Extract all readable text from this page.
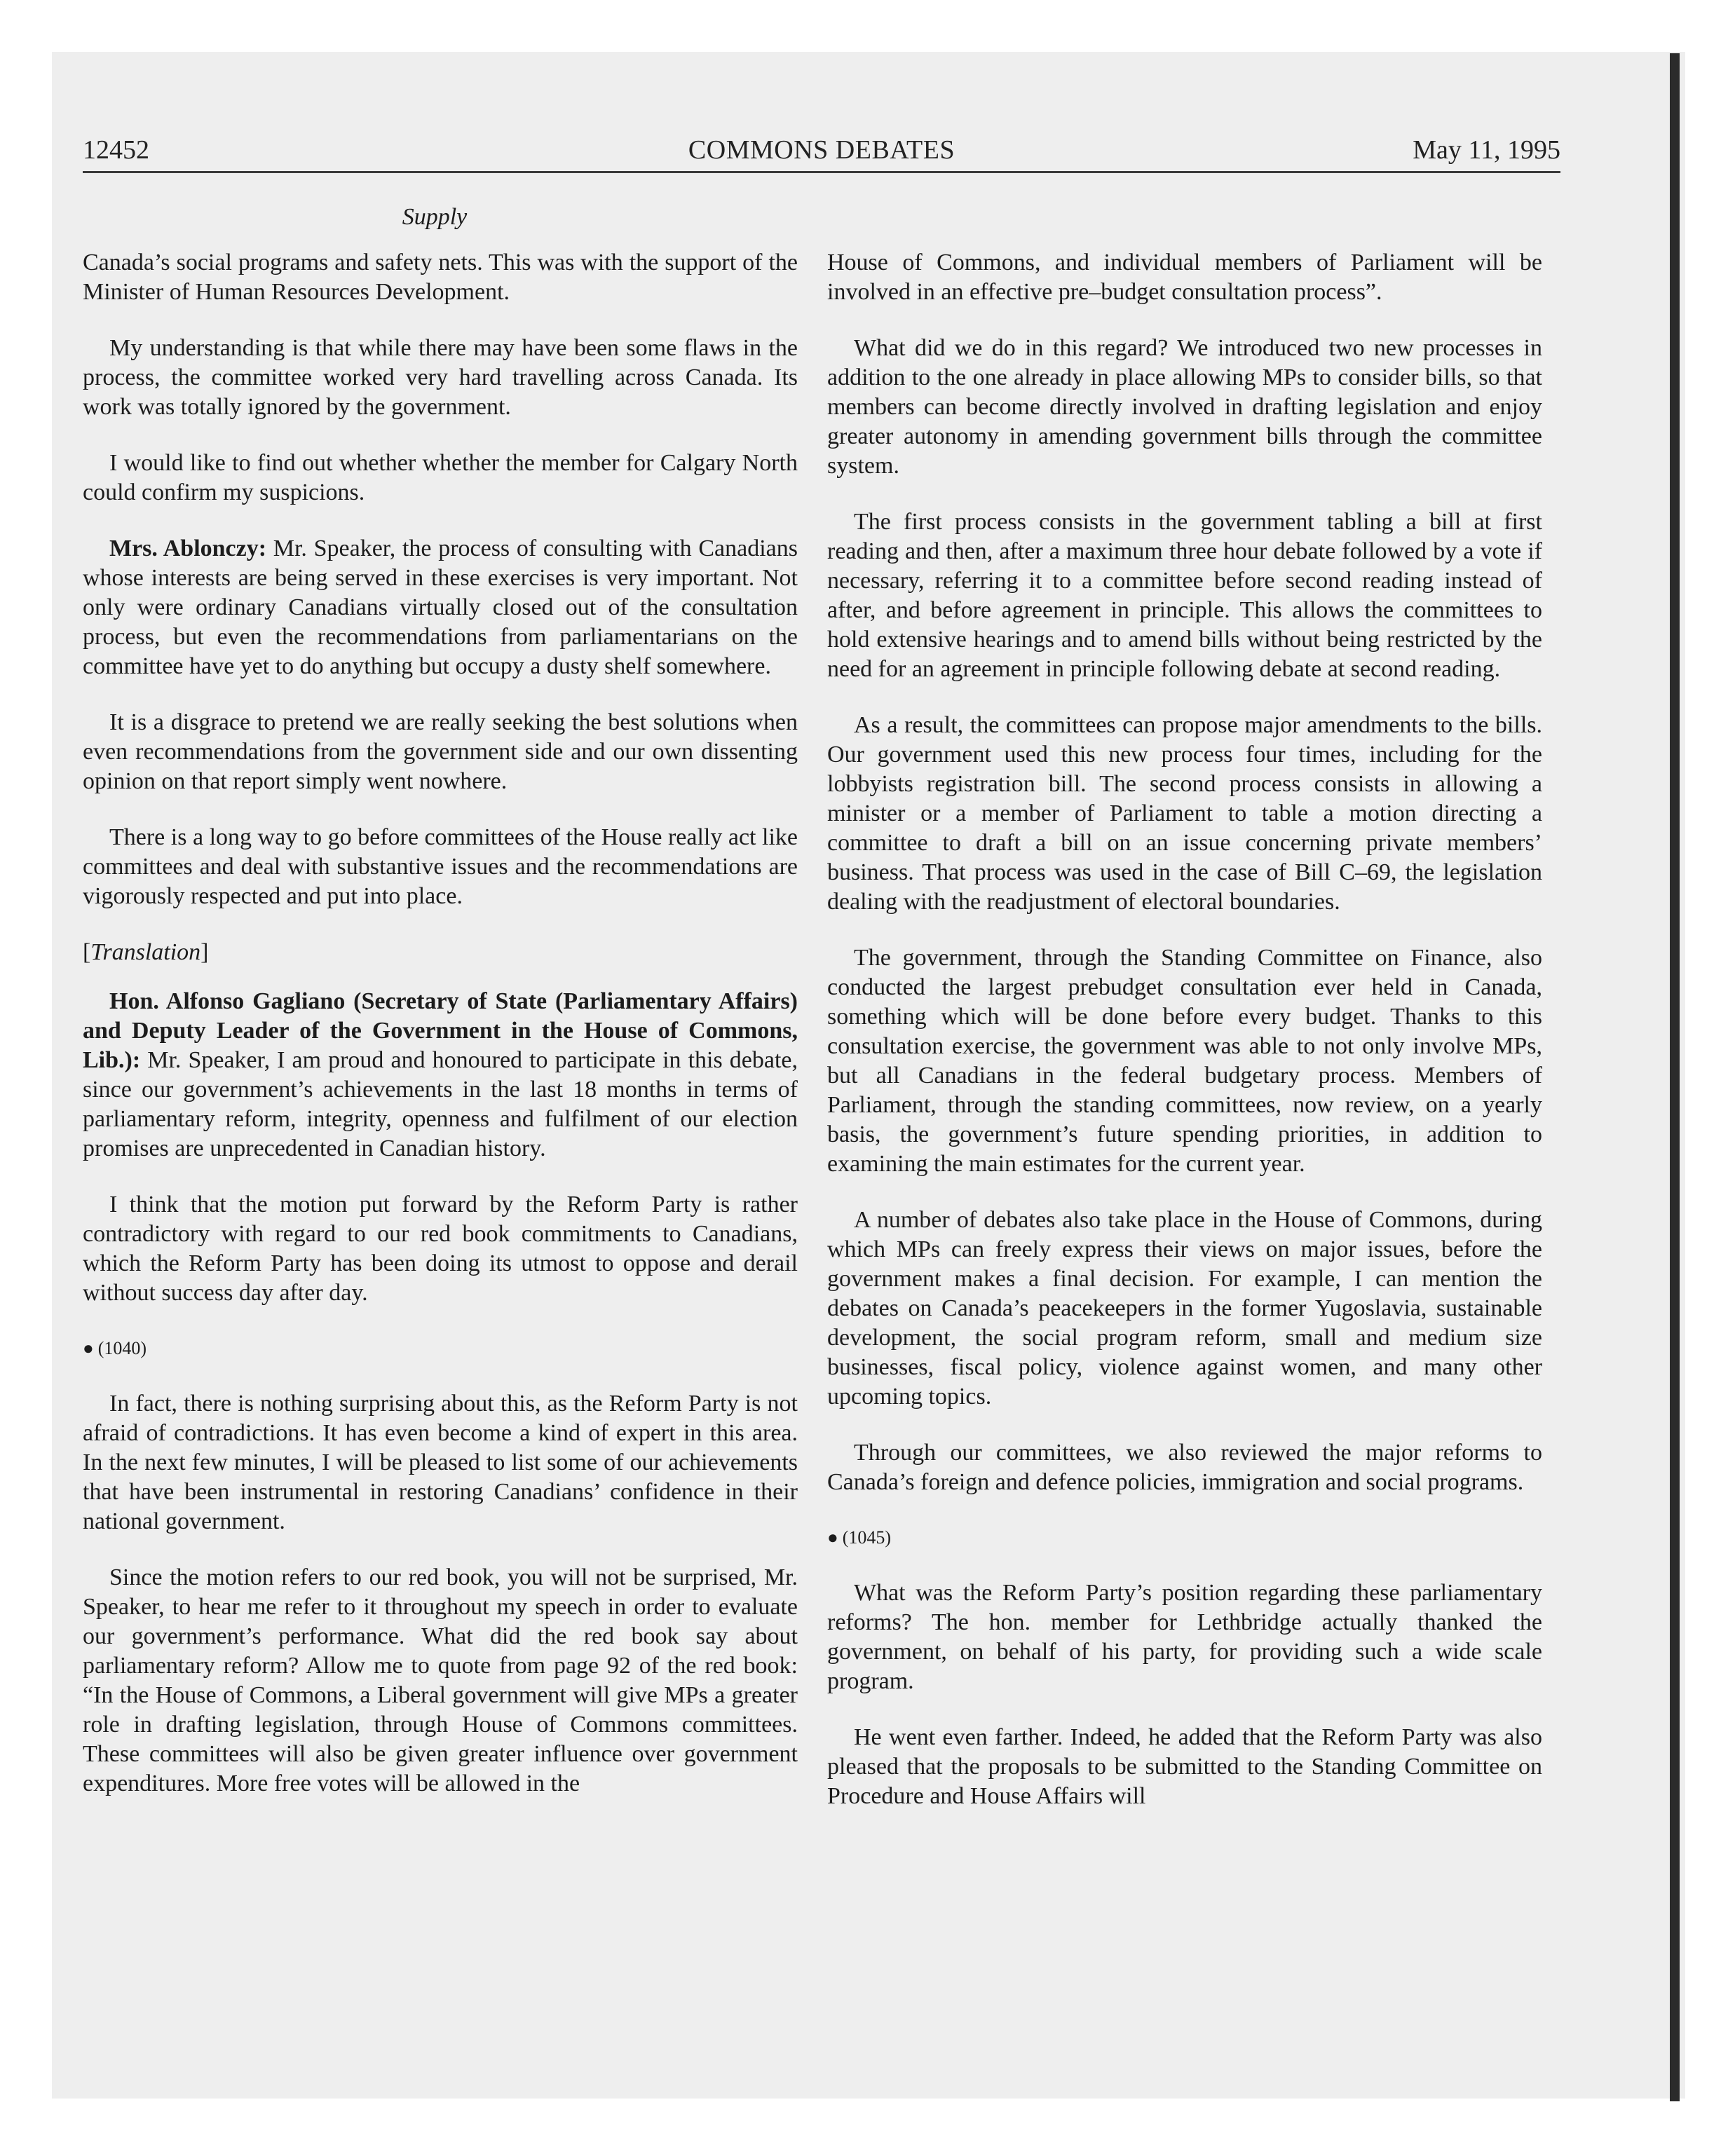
12452	COMMONS DEBATES	May 11, 1995
Supply

Canada’s social programs and safety nets. This was with the support of the Minister of Human Resources Development.

My understanding is that while there may have been some flaws in the process, the committee worked very hard travelling across Canada. Its work was totally ignored by the government.

I would like to find out whether whether the member for Calgary North could confirm my suspicions.

Mrs. Ablonczy: Mr. Speaker, the process of consulting with Canadians whose interests are being served in these exercises is very important. Not only were ordinary Canadians virtually closed out of the consultation process, but even the recommendations from parliamentarians on the committee have yet to do anything but occupy a dusty shelf somewhere.

It is a disgrace to pretend we are really seeking the best solutions when even recommendations from the government side and our own dissenting opinion on that report simply went nowhere.

There is a long way to go before committees of the House really act like committees and deal with substantive issues and the recommendations are vigorously respected and put into place.

[Translation]

Hon. Alfonso Gagliano (Secretary of State (Parliamentary Affairs) and Deputy Leader of the Government in the House of Commons, Lib.): Mr. Speaker, I am proud and honoured to participate in this debate, since our government’s achievements in the last 18 months in terms of parliamentary reform, integrity, openness and fulfilment of our election promises are unprecedented in Canadian history.

I think that the motion put forward by the Reform Party is rather contradictory with regard to our red book commitments to Canadians, which the Reform Party has been doing its utmost to oppose and derail without success day after day.

● (1040)

In fact, there is nothing surprising about this, as the Reform Party is not afraid of contradictions. It has even become a kind of expert in this area. In the next few minutes, I will be pleased to list some of our achievements that have been instrumental in restoring Canadians’ confidence in their national government.

Since the motion refers to our red book, you will not be surprised, Mr. Speaker, to hear me refer to it throughout my speech in order to evaluate our government’s performance. What did the red book say about parliamentary reform? Allow me to quote from page 92 of the red book: “In the House of Commons, a Liberal government will give MPs a greater role in drafting legislation, through House of Commons committees. These committees will also be given greater influence over government expenditures. More free votes will be allowed in the

House of Commons, and individual members of Parliament will be involved in an effective pre–budget consultation process”.

What did we do in this regard? We introduced two new processes in addition to the one already in place allowing MPs to consider bills, so that members can become directly involved in drafting legislation and enjoy greater autonomy in amending government bills through the committee system.

The first process consists in the government tabling a bill at first reading and then, after a maximum three hour debate followed by a vote if necessary, referring it to a committee before second reading instead of after, and before agreement in principle. This allows the committees to hold extensive hearings and to amend bills without being restricted by the need for an agreement in principle following debate at second reading.

As a result, the committees can propose major amendments to the bills. Our government used this new process four times, including for the lobbyists registration bill. The second process consists in allowing a minister or a member of Parliament to table a motion directing a committee to draft a bill on an issue concerning private members’ business. That process was used in the case of Bill C–69, the legislation dealing with the readjustment of electoral boundaries.

The government, through the Standing Committee on Finance, also conducted the largest prebudget consultation ever held in Canada, something which will be done before every budget. Thanks to this consultation exercise, the government was able to not only involve MPs, but all Canadians in the federal budgetary process. Members of Parliament, through the standing committees, now review, on a yearly basis, the government’s future spending priorities, in addition to examining the main estimates for the current year.

A number of debates also take place in the House of Commons, during which MPs can freely express their views on major issues, before the government makes a final decision. For example, I can mention the debates on Canada’s peacekeepers in the former Yugoslavia, sustainable development, the social program reform, small and medium size businesses, fiscal policy, violence against women, and many other upcoming topics.

Through our committees, we also reviewed the major reforms to Canada’s foreign and defence policies, immigration and social programs.

● (1045)

What was the Reform Party’s position regarding these parliamentary reforms? The hon. member for Lethbridge actually thanked the government, on behalf of his party, for providing such a wide scale program.

He went even farther. Indeed, he added that the Reform Party was also pleased that the proposals to be submitted to the Standing Committee on Procedure and House Affairs will
